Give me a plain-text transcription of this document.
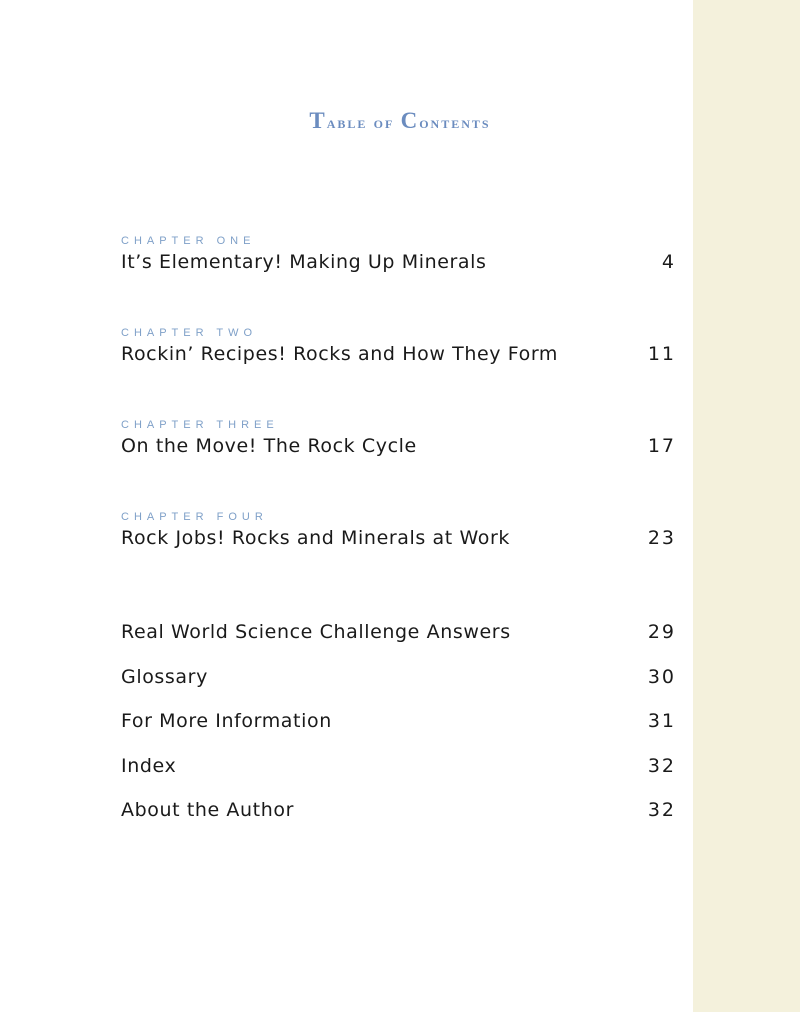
Table of Contents
CHAPTER ONE
It’s Elementary! Making Up Minerals	4
CHAPTER TWO
Rockin’ Recipes! Rocks and How They Form	11
CHAPTER THREE
On the Move! The Rock Cycle	17
CHAPTER FOUR
Rock Jobs! Rocks and Minerals at Work	23
Real World Science Challenge Answers	29
Glossary	30
For More Information	31
Index	32
About the Author	32
